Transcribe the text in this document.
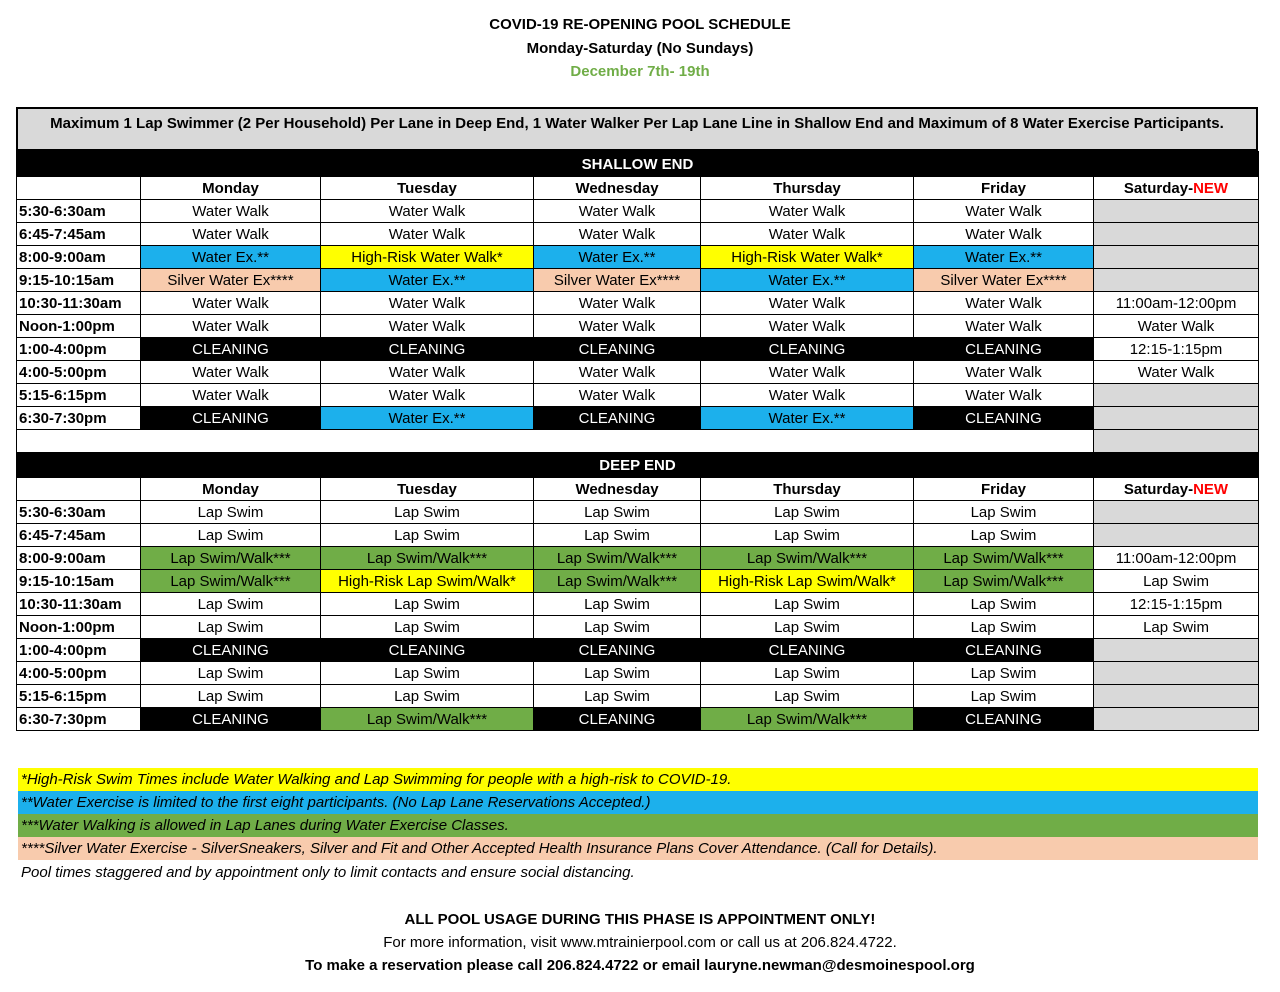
COVID-19 RE-OPENING POOL SCHEDULE
Monday-Saturday (No Sundays)
December 7th- 19th
Maximum 1 Lap Swimmer (2 Per Household) Per Lane in Deep End, 1 Water Walker Per Lap Lane Line in Shallow End and Maximum of 8 Water Exercise Participants.
SHALLOW END						
	Monday	Tuesday	Wednesday	Thursday	Friday	Saturday-NEW
5:30-6:30am	Water Walk	Water Walk	Water Walk	Water Walk	Water Walk	
6:45-7:45am	Water Walk	Water Walk	Water Walk	Water Walk	Water Walk	
8:00-9:00am	Water Ex.**	High-Risk Water Walk*	Water Ex.**	High-Risk Water Walk*	Water Ex.**	
9:15-10:15am	Silver Water Ex****	Water Ex.**	Silver Water Ex****	Water Ex.**	Silver Water Ex****	
10:30-11:30am	Water Walk	Water Walk	Water Walk	Water Walk	Water Walk	11:00am-12:00pm
Noon-1:00pm	Water Walk	Water Walk	Water Walk	Water Walk	Water Walk	Water Walk
1:00-4:00pm	CLEANING	CLEANING	CLEANING	CLEANING	CLEANING	12:15-1:15pm
4:00-5:00pm	Water Walk	Water Walk	Water Walk	Water Walk	Water Walk	Water Walk
5:15-6:15pm	Water Walk	Water Walk	Water Walk	Water Walk	Water Walk	
6:30-7:30pm	CLEANING	Water Ex.**	CLEANING	Water Ex.**	CLEANING	

DEEP END						
	Monday	Tuesday	Wednesday	Thursday	Friday	Saturday-NEW
5:30-6:30am	Lap Swim	Lap Swim	Lap Swim	Lap Swim	Lap Swim	
6:45-7:45am	Lap Swim	Lap Swim	Lap Swim	Lap Swim	Lap Swim	
8:00-9:00am	Lap Swim/Walk***	Lap Swim/Walk***	Lap Swim/Walk***	Lap Swim/Walk***	Lap Swim/Walk***	11:00am-12:00pm
9:15-10:15am	Lap Swim/Walk***	High-Risk Lap Swim/Walk*	Lap Swim/Walk***	High-Risk Lap Swim/Walk*	Lap Swim/Walk***	Lap Swim
10:30-11:30am	Lap Swim	Lap Swim	Lap Swim	Lap Swim	Lap Swim	12:15-1:15pm
Noon-1:00pm	Lap Swim	Lap Swim	Lap Swim	Lap Swim	Lap Swim	Lap Swim
1:00-4:00pm	CLEANING	CLEANING	CLEANING	CLEANING	CLEANING	
4:00-5:00pm	Lap Swim	Lap Swim	Lap Swim	Lap Swim	Lap Swim	
5:15-6:15pm	Lap Swim	Lap Swim	Lap Swim	Lap Swim	Lap Swim	
6:30-7:30pm	CLEANING	Lap Swim/Walk***	CLEANING	Lap Swim/Walk***	CLEANING	
*High-Risk Swim Times include Water Walking and Lap Swimming for people with a high-risk to COVID-19.
**Water Exercise is limited to the first eight participants. (No Lap Lane Reservations Accepted.)
***Water Walking is allowed in Lap Lanes during Water Exercise Classes.
****Silver Water Exercise - SilverSneakers, Silver and Fit and Other Accepted Health Insurance Plans Cover Attendance. (Call for Details).
Pool times staggered and by appointment only to limit contacts and ensure social distancing.
ALL POOL USAGE DURING THIS PHASE IS APPOINTMENT ONLY!
For more information, visit www.mtrainierpool.com or call us at 206.824.4722.
To make a reservation please call 206.824.4722 or email lauryne.newman@desmoinespool.org
